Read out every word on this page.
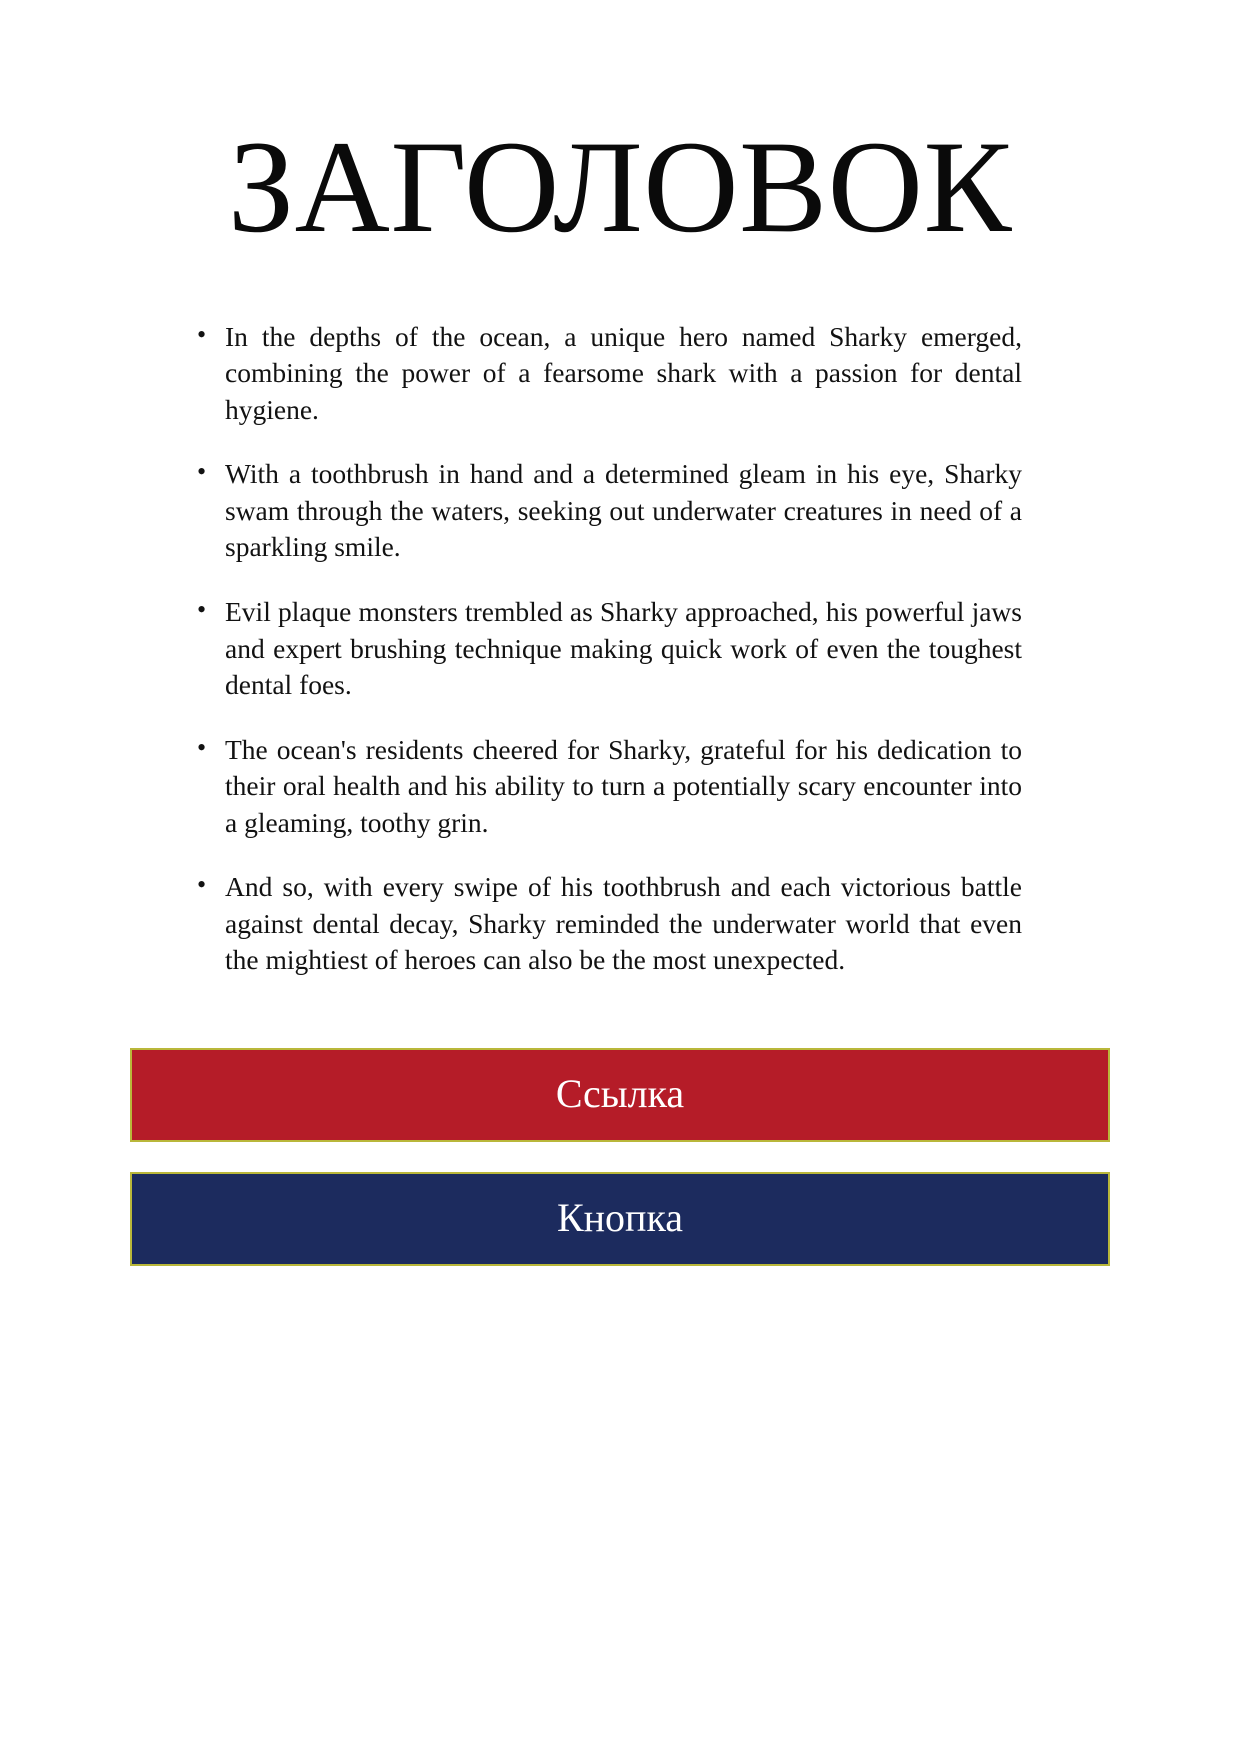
ЗАГОЛОВОК
• In the depths of the ocean, a unique hero named Sharky emerged, combining the power of a fearsome shark with a passion for dental hygiene.
• With a toothbrush in hand and a determined gleam in his eye, Sharky swam through the waters, seeking out underwater creatures in need of a sparkling smile.
• Evil plaque monsters trembled as Sharky approached, his powerful jaws and expert brushing technique making quick work of even the toughest dental foes.
• The ocean's residents cheered for Sharky, grateful for his dedication to their oral health and his ability to turn a potentially scary encounter into a gleaming, toothy grin.
• And so, with every swipe of his toothbrush and each victorious battle against dental decay, Sharky reminded the underwater world that even the mightiest of heroes can also be the most unexpected.
Ссылка
Кнопка
